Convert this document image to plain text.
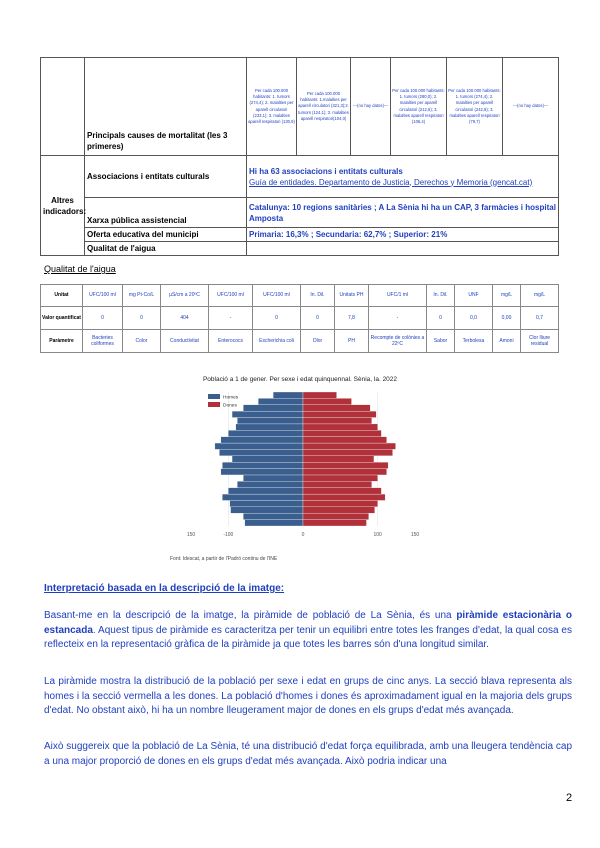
	Principals causes de mortalitat (les 3 primeres)	Per cada 100.000 habitants: 1. tumors (274,4); 2. malalties per aparell circulatori (233,1); 3. malalties aparell respiratori (130,9)	Per cada 100.000 habitants: 1.malalties per aparell circulatori (321,3);2. tumors (124,1); 3. malalties aparell respiratori(104,0)	---(no hay datos)---	Per cada 100.000 habitants: 1. tumors (280,0); 2. malalties per aparell circulatori (212,6); 3. malalties aparell respiratori (106,4)	Per cada 100.000 habitants: 1. tumors (274,4); 2. malalties per aparell circulatori (242,8); 3. malalties aparell respiratori (79,7)	---(no hay datos)---
Altres indicadors:	Associacions i entitats culturals	Hi ha 63 associacions i entitats culturals
Guía de entidades. Departamento de Justicia, Derechos y Memoria (gencat.cat)					
	Xarxa pública assistencial	Catalunya: 10 regions sanitàries ; A La Sènia hi ha un CAP, 3 farmàcies i hospital Amposta					
	Oferta educativa del municipi	Primaria: 16,3% ; Secundaria: 62,7% ; Superior: 21%					
	Qualitat de l'aigua						
Qualitat de l'aigua
Unitat	UFC/100 ml	mg Pt-Co/L	µS/cm a 20ºC	UFC/100 ml	UFC/100 ml	In. Dil.	Unitats PH	UFC/1 ml	In. Dil.	UNF	mg/L	mg/L
Valor quantificat	0	0	404	-	0	0	7,8	-	0	0,0	0,00	0,7
Paràmetre	Bacteries coliformes	Color	Conductivitat	Enterococs	Escherichia coli	Olor	PH	Recompte de colònies a 22ºC	Sabor	Terbolesa	Amoni	Clor lliure residual
Població a 1 de gener. Per sexe i edat quinquennal. Sènia, la. 2022
150	-100	0	100	150
Homes
Dones
Font: Idescat, a partir de l'Padró continu de l'INE
Interpretació basada en la descripció de la imatge:
Basant-me en la descripció de la imatge, la piràmide de població de La Sènia, és una piràmide estacionària o estancada. Aquest tipus de piràmide es caracteritza per tenir un equilibri entre totes les franges d'edat, la qual cosa es reflecteix en la representació gràfica de la piràmide ja que totes les barres són d'una longitud similar.
La piràmide mostra la distribució de la població per sexe i edat en grups de cinc anys. La secció blava representa als homes i la secció vermella a les dones. La població d'homes i dones és aproximadament igual en la majoria dels grups d'edat. No obstant això, hi ha un nombre lleugerament major de dones en els grups d'edat més avançada.
Això suggereix que la població de La Sènia, té una distribució d'edat força equilibrada, amb una lleugera tendència cap a una major proporció de dones en els grups d'edat més avançada. Això podria indicar una
2
